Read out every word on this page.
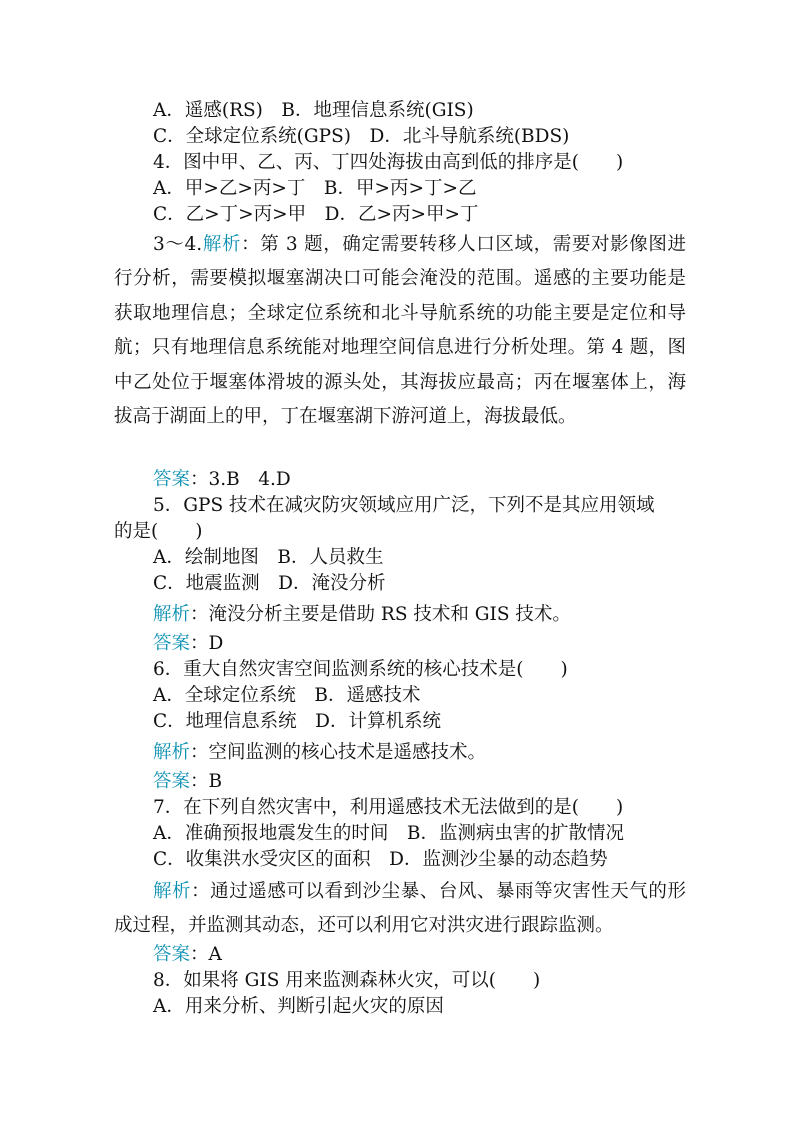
A．遥感(RS)　B．地理信息系统(GIS)
C．全球定位系统(GPS)　D．北斗导航系统(BDS)
4．图中甲、乙、丙、丁四处海拔由高到低的排序是(　　)
A．甲>乙>丙>丁　B．甲>丙>丁>乙
C．乙>丁>丙>甲　D．乙>丙>甲>丁
3～4.解析：第 3 题，确定需要转移人口区域，需要对影像图进行分析，需要模拟堰塞湖决口可能会淹没的范围。遥感的主要功能是获取地理信息；全球定位系统和北斗导航系统的功能主要是定位和导航；只有地理信息系统能对地理空间信息进行分析处理。第 4 题，图中乙处位于堰塞体滑坡的源头处，其海拔应最高；丙在堰塞体上，海拔高于湖面上的甲，丁在堰塞湖下游河道上，海拔最低。
答案：3.B　4.D
5．GPS 技术在减灾防灾领域应用广泛，下列不是其应用领域
的是(　　)
A．绘制地图　B．人员救生
C．地震监测　D．淹没分析
解析：淹没分析主要是借助 RS 技术和 GIS 技术。
答案：D
6．重大自然灾害空间监测系统的核心技术是(　　)
A．全球定位系统　B．遥感技术
C．地理信息系统　D．计算机系统
解析：空间监测的核心技术是遥感技术。
答案：B
7．在下列自然灾害中，利用遥感技术无法做到的是(　　)
A．准确预报地震发生的时间　B．监测病虫害的扩散情况
C．收集洪水受灾区的面积　D．监测沙尘暴的动态趋势
解析：通过遥感可以看到沙尘暴、台风、暴雨等灾害性天气的形成过程，并监测其动态，还可以利用它对洪灾进行跟踪监测。
答案：A
8．如果将 GIS 用来监测森林火灾，可以(　　)
A．用来分析、判断引起火灾的原因
